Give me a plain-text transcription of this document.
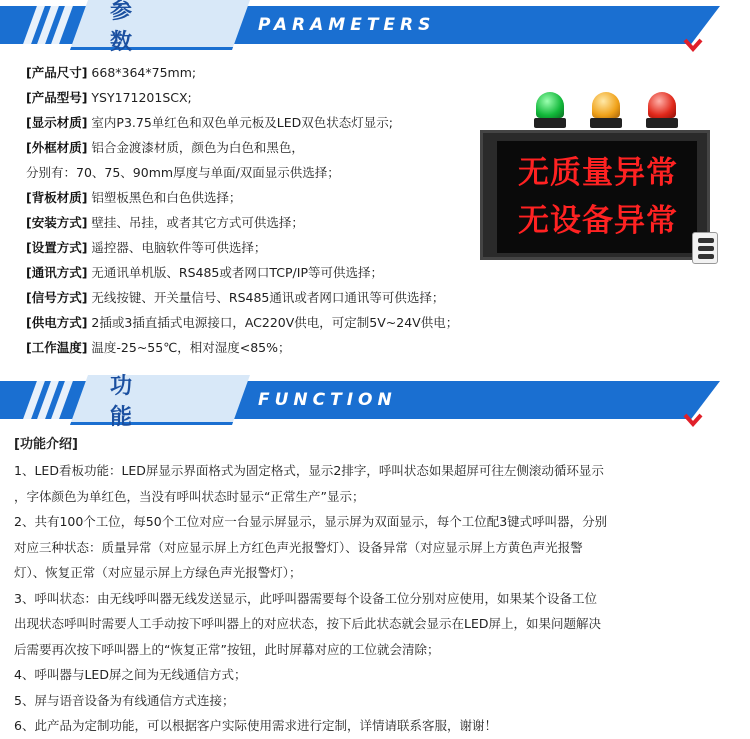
参 数
PARAMETERS
[产品尺寸] 668*364*75mm;
[产品型号] YSY171201SCX;
[显示材质] 室内P3.75单红色和双色单元板及LED双色状态灯显示;
[外框材质] 铝合金渡漆材质，颜色为白色和黑色，
分别有：70、75、90mm厚度与单面/双面显示供选择；
[背板材质] 铝塑板黑色和白色供选择；
[安装方式] 壁挂、吊挂，或者其它方式可供选择；
[设置方式] 遥控器、电脑软件等可供选择；
[通讯方式] 无通讯单机版、RS485或者网口TCP/IP等可供选择；
[信号方式] 无线按键、开关量信号、RS485通讯或者网口通讯等可供选择；
[供电方式] 2插或3插直插式电源接口，AC220V供电，可定制5V~24V供电；
[工作温度] 温度-25~55℃，相对湿度<85%；
无质量异常
无设备异常
功 能
FUNCTION
[功能介绍]
1、LED看板功能：LED屏显示界面格式为固定格式，显示2排字，呼叫状态如果超屏可往左侧滚动循环显示
，字体颜色为单红色，当没有呼叫状态时显示“正常生产”显示；
2、共有100个工位，每50个工位对应一台显示屏显示，显示屏为双面显示，每个工位配3键式呼叫器，分别
对应三种状态：质量异常（对应显示屏上方红色声光报警灯）、设备异常（对应显示屏上方黄色声光报警
灯）、恢复正常（对应显示屏上方绿色声光报警灯）；
3、呼叫状态：由无线呼叫器无线发送显示，此呼叫器需要每个设备工位分别对应使用，如果某个设备工位
出现状态呼叫时需要人工手动按下呼叫器上的对应状态，按下后此状态就会显示在LED屏上，如果问题解决
后需要再次按下呼叫器上的“恢复正常”按钮，此时屏幕对应的工位就会清除；
4、呼叫器与LED屏之间为无线通信方式；
5、屏与语音设备为有线通信方式连接；
6、此产品为定制功能，可以根据客户实际使用需求进行定制，详情请联系客服，谢谢！
